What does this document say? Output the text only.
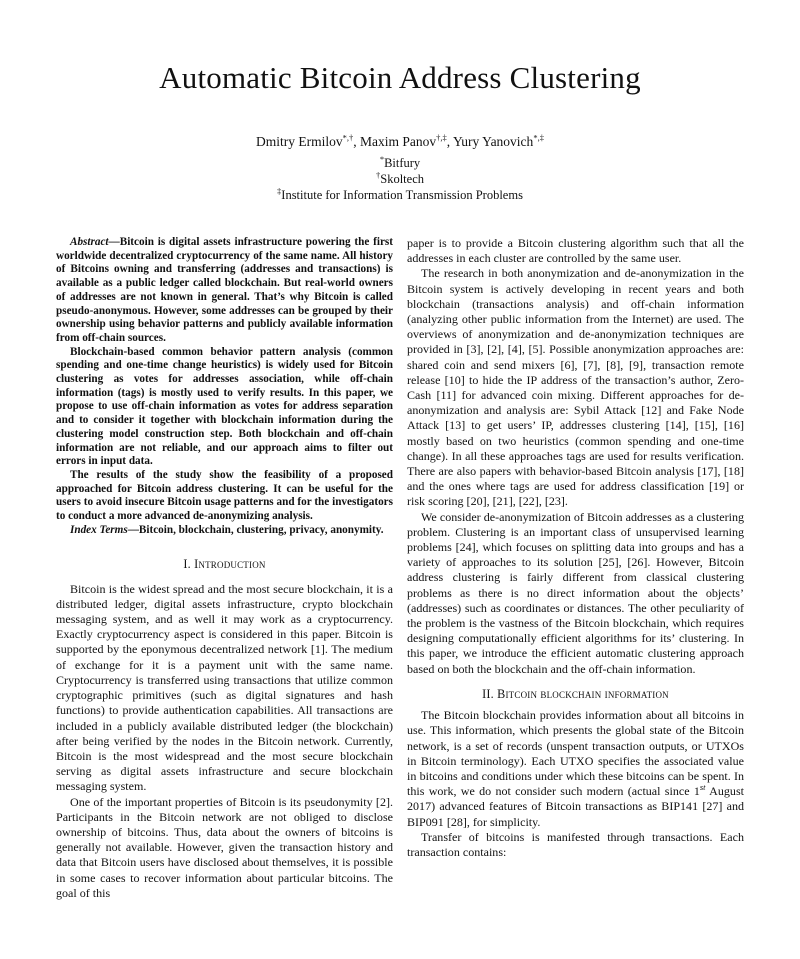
Automatic Bitcoin Address Clustering
Dmitry Ermilov*,†, Maxim Panov†,‡, Yury Yanovich*,‡
*Bitfury
†Skoltech
‡Institute for Information Transmission Problems

Abstract—Bitcoin is digital assets infrastructure powering the first worldwide decentralized cryptocurrency of the same name. All history of Bitcoins owning and transferring (addresses and transactions) is available as a public ledger called blockchain. But real-world owners of addresses are not known in general. That’s why Bitcoin is called pseudo-anonymous. However, some addresses can be grouped by their ownership using behavior patterns and publicly available information from off-chain sources.

Blockchain-based common behavior pattern analysis (common spending and one-time change heuristics) is widely used for Bitcoin clustering as votes for addresses association, while off-chain information (tags) is mostly used to verify results. In this paper, we propose to use off-chain information as votes for address separation and to consider it together with blockchain information during the clustering model construction step. Both blockchain and off-chain information are not reliable, and our approach aims to filter out errors in input data.

The results of the study show the feasibility of a proposed approached for Bitcoin address clustering. It can be useful for the users to avoid insecure Bitcoin usage patterns and for the investigators to conduct a more advanced de-anonymizing analysis.

Index Terms—Bitcoin, blockchain, clustering, privacy, anonymity.

I. Introduction

Bitcoin is the widest spread and the most secure blockchain, it is a distributed ledger, digital assets infrastructure, crypto blockchain messaging system, and as well it may work as a cryptocurrency. Exactly cryptocurrency aspect is considered in this paper. Bitcoin is supported by the eponymous decentralized network [1]. The medium of exchange for it is a payment unit with the same name. Cryptocurrency is transferred using transactions that utilize common cryptographic primitives (such as digital signatures and hash functions) to provide authentication capabilities. All transactions are included in a publicly available distributed ledger (the blockchain) after being verified by the nodes in the Bitcoin network. Currently, Bitcoin is the most widespread and the most secure blockchain serving as digital assets infrastructure and secure blockchain messaging system.

One of the important properties of Bitcoin is its pseudonymity [2]. Participants in the Bitcoin network are not obliged to disclose ownership of bitcoins. Thus, data about the owners of bitcoins is generally not available. However, given the transaction history and data that Bitcoin users have disclosed about themselves, it is possible in some cases to recover information about particular bitcoins. The goal of this

paper is to provide a Bitcoin clustering algorithm such that all the addresses in each cluster are controlled by the same user.

The research in both anonymization and de-anonymization in the Bitcoin system is actively developing in recent years and both blockchain (transactions analysis) and off-chain information (analyzing other public information from the Internet) are used. The overviews of anonymization and de-anonymization techniques are provided in [3], [2], [4], [5]. Possible anonymization approaches are: shared coin and send mixers [6], [7], [8], [9], transaction remote release [10] to hide the IP address of the transaction’s author, Zero-Cash [11] for advanced coin mixing. Different approaches for de-anonymization and analysis are: Sybil Attack [12] and Fake Node Attack [13] to get users’ IP, addresses clustering [14], [15], [16] mostly based on two heuristics (common spending and one-time change). In all these approaches tags are used for results verification. There are also papers with behavior-based Bitcoin analysis [17], [18] and the ones where tags are used for address classification [19] or risk scoring [20], [21], [22], [23].

We consider de-anonymization of Bitcoin addresses as a clustering problem. Clustering is an important class of unsupervised learning problems [24], which focuses on splitting data into groups and has a variety of approaches to its solution [25], [26]. However, Bitcoin address clustering is fairly different from classical clustering problems as there is no direct information about the objects’ (addresses) such as coordinates or distances. The other peculiarity of the problem is the vastness of the Bitcoin blockchain, which requires designing computationally efficient algorithms for its’ clustering. In this paper, we introduce the efficient automatic clustering approach based on both the blockchain and the off-chain information.

II. Bitcoin blockchain information

The Bitcoin blockchain provides information about all bitcoins in use. This information, which presents the global state of the Bitcoin network, is a set of records (unspent transaction outputs, or UTXOs in Bitcoin terminology). Each UTXO specifies the associated value in bitcoins and conditions under which these bitcoins can be spent. In this work, we do not consider such modern (actual since 1st August 2017) advanced features of Bitcoin transactions as BIP141 [27] and BIP091 [28], for simplicity.

Transfer of bitcoins is manifested through transactions. Each transaction contains:
